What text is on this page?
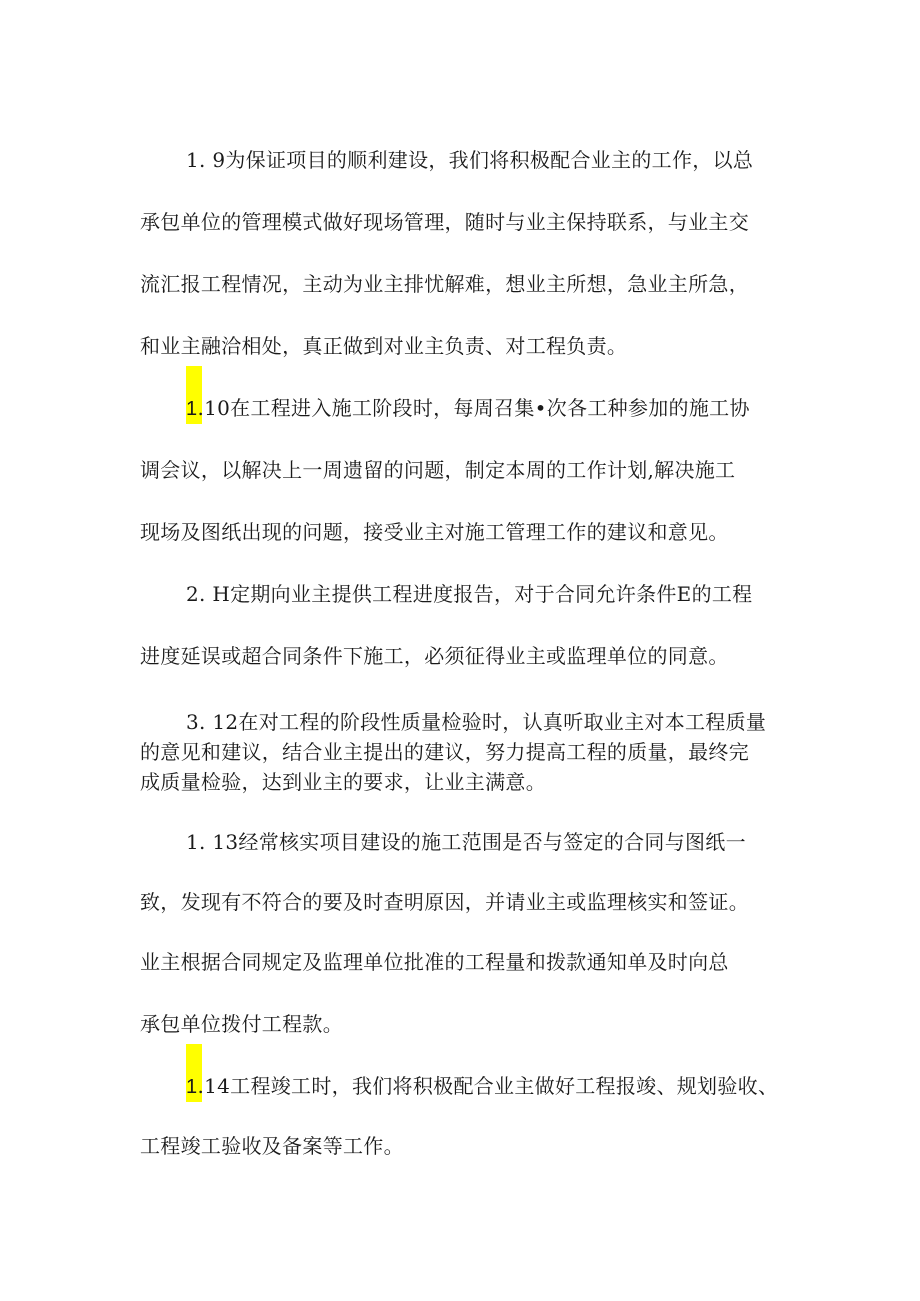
1. 9为保证项目的顺利建设，我们将积极配合业主的工作，以总
承包单位的管理模式做好现场管理，随时与业主保持联系，与业主交
流汇报工程情况，主动为业主排忧解难，想业主所想，急业主所急，
和业主融洽相处，真正做到对业主负责、对工程负责。
1.10在工程进入施工阶段时，每周召集•次各工种参加的施工协
调会议，以解决上一周遗留的问题，制定本周的工作计划,解决施工
现场及图纸出现的问题，接受业主对施工管理工作的建议和意见。
2. H定期向业主提供工程进度报告，对于合同允许条件E的工程
进度延误或超合同条件下施工，必须征得业主或监理单位的同意。
3. 12在对工程的阶段性质量检验时，认真听取业主对本工程质量
的意见和建议，结合业主提出的建议，努力提高工程的质量，最终完
成质量检验，达到业主的要求，让业主满意。
1. 13经常核实项目建设的施工范围是否与签定的合同与图纸一
致，发现有不符合的要及时查明原因，并请业主或监理核实和签证。
业主根据合同规定及监理单位批准的工程量和拨款通知单及时向总
承包单位拨付工程款。
1.14工程竣工时，我们将积极配合业主做好工程报竣、规划验收、
工程竣工验收及备案等工作。
